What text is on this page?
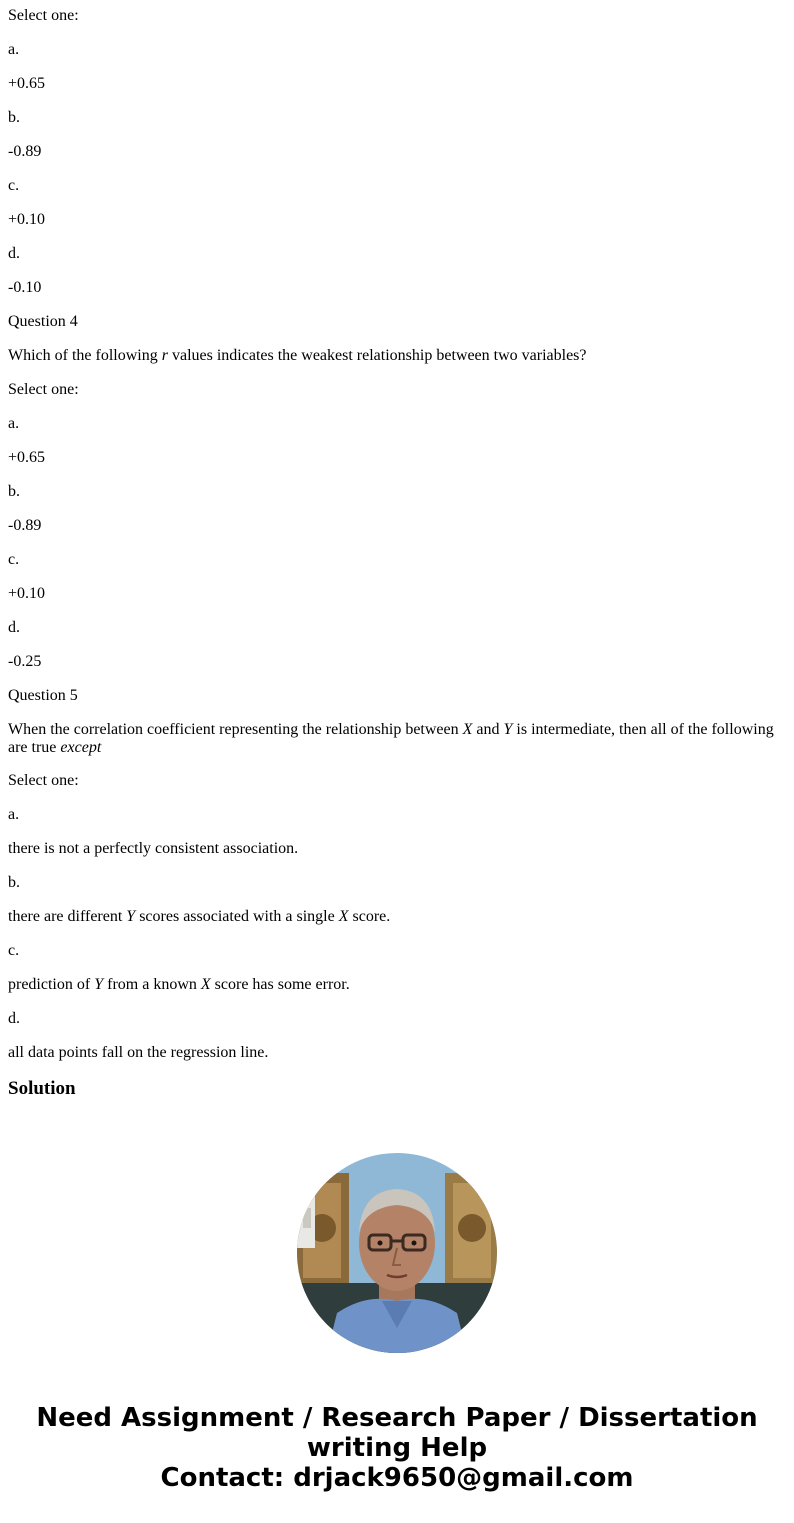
Select one:

a.

+0.65

b.

-0.89

c.

+0.10

d.

-0.10

Question 4

Which of the following r values indicates the weakest relationship between two variables?

Select one:

a.

+0.65

b.

-0.89

c.

+0.10

d.

-0.25

Question 5

When the correlation coefficient representing the relationship between X and Y is intermediate, then all of the following are true except

Select one:

a.

there is not a perfectly consistent association.

b.

there are different Y scores associated with a single X score.

c.

prediction of Y from a known X score has some error.

d.

all data points fall on the regression line.

Solution
Need Assignment / Research Paper / Dissertation
writing Help
Contact: drjack9650@gmail.com
